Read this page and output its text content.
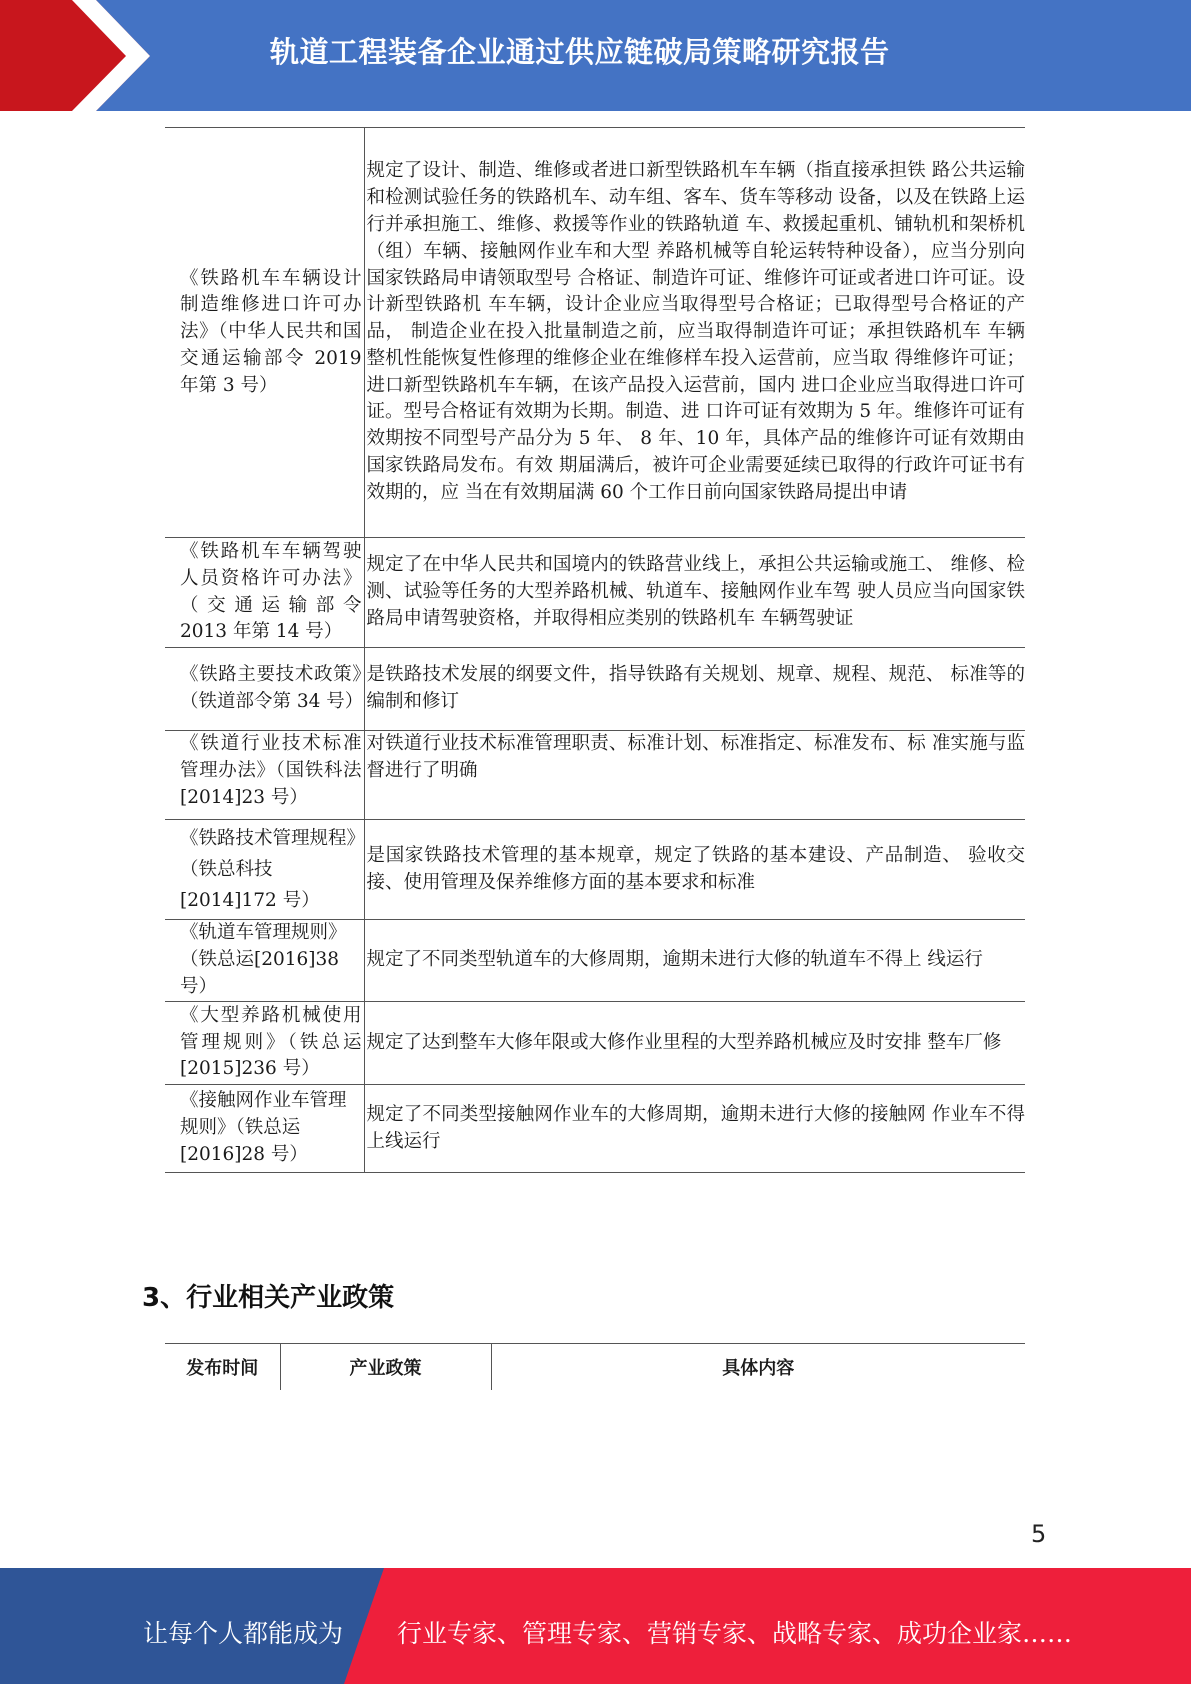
轨道工程装备企业通过供应链破局策略研究报告
《铁路机车车辆设计制造维修进口许可办法》（中华人民共和国交通运输部令 2019 年第 3 号）	规定了设计、制造、维修或者进口新型铁路机车车辆（指直接承担铁 路公共运输和检测试验任务的铁路机车、动车组、客车、货车等移动 设备，以及在铁路上运行并承担施工、维修、救援等作业的铁路轨道 车、救援起重机、铺轨机和架桥机（组）车辆、接触网作业车和大型 养路机械等自轮运转特种设备），应当分别向国家铁路局申请领取型号 合格证、制造许可证、维修许可证或者进口许可证。设计新型铁路机 车车辆，设计企业应当取得型号合格证；已取得型号合格证的产品， 制造企业在投入批量制造之前，应当取得制造许可证；承担铁路机车 车辆整机性能恢复性修理的维修企业在维修样车投入运营前，应当取 得维修许可证；进口新型铁路机车车辆，在该产品投入运营前，国内 进口企业应当取得进口许可证。型号合格证有效期为长期。制造、进 口许可证有效期为 5 年。维修许可证有效期按不同型号产品分为 5 年、 8 年、10 年，具体产品的维修许可证有效期由国家铁路局发布。有效 期届满后，被许可企业需要延续已取得的行政许可证书有效期的，应 当在有效期届满 60 个工作日前向国家铁路局提出申请
《铁路机车车辆驾驶人员资格许可办法》（交通运输部令 2013 年第 14 号）	规定了在中华人民共和国境内的铁路营业线上，承担公共运输或施工、 维修、检测、试验等任务的大型养路机械、轨道车、接触网作业车驾 驶人员应当向国家铁路局申请驾驶资格，并取得相应类别的铁路机车 车辆驾驶证
《铁路主要技术政策》（铁道部令第 34 号）	是铁路技术发展的纲要文件，指导铁路有关规划、规章、规程、规范、 标准等的编制和修订
《铁道行业技术标准管理办法》（国铁科法[2014]23 号）	对铁道行业技术标准管理职责、标准计划、标准指定、标准发布、标 准实施与监督进行了明确
《铁路技术管理规程》（铁总科技[2014]172 号）	是国家铁路技术管理的基本规章，规定了铁路的基本建设、产品制造、 验收交接、使用管理及保养维修方面的基本要求和标准
《轨道车管理规则》（铁总运[2016]38 号）	规定了不同类型轨道车的大修周期，逾期未进行大修的轨道车不得上 线运行
《大型养路机械使用管理规则》（铁总运[2015]236 号）	规定了达到整车大修年限或大修作业里程的大型养路机械应及时安排 整车厂修
《接触网作业车管理规则》（铁总运[2016]28 号）	规定了不同类型接触网作业车的大修周期，逾期未进行大修的接触网 作业车不得上线运行
3、行业相关产业政策
发布时间	产业政策	具体内容
5
让每个人都能成为 行业专家、管理专家、营销专家、战略专家、成功企业家……
